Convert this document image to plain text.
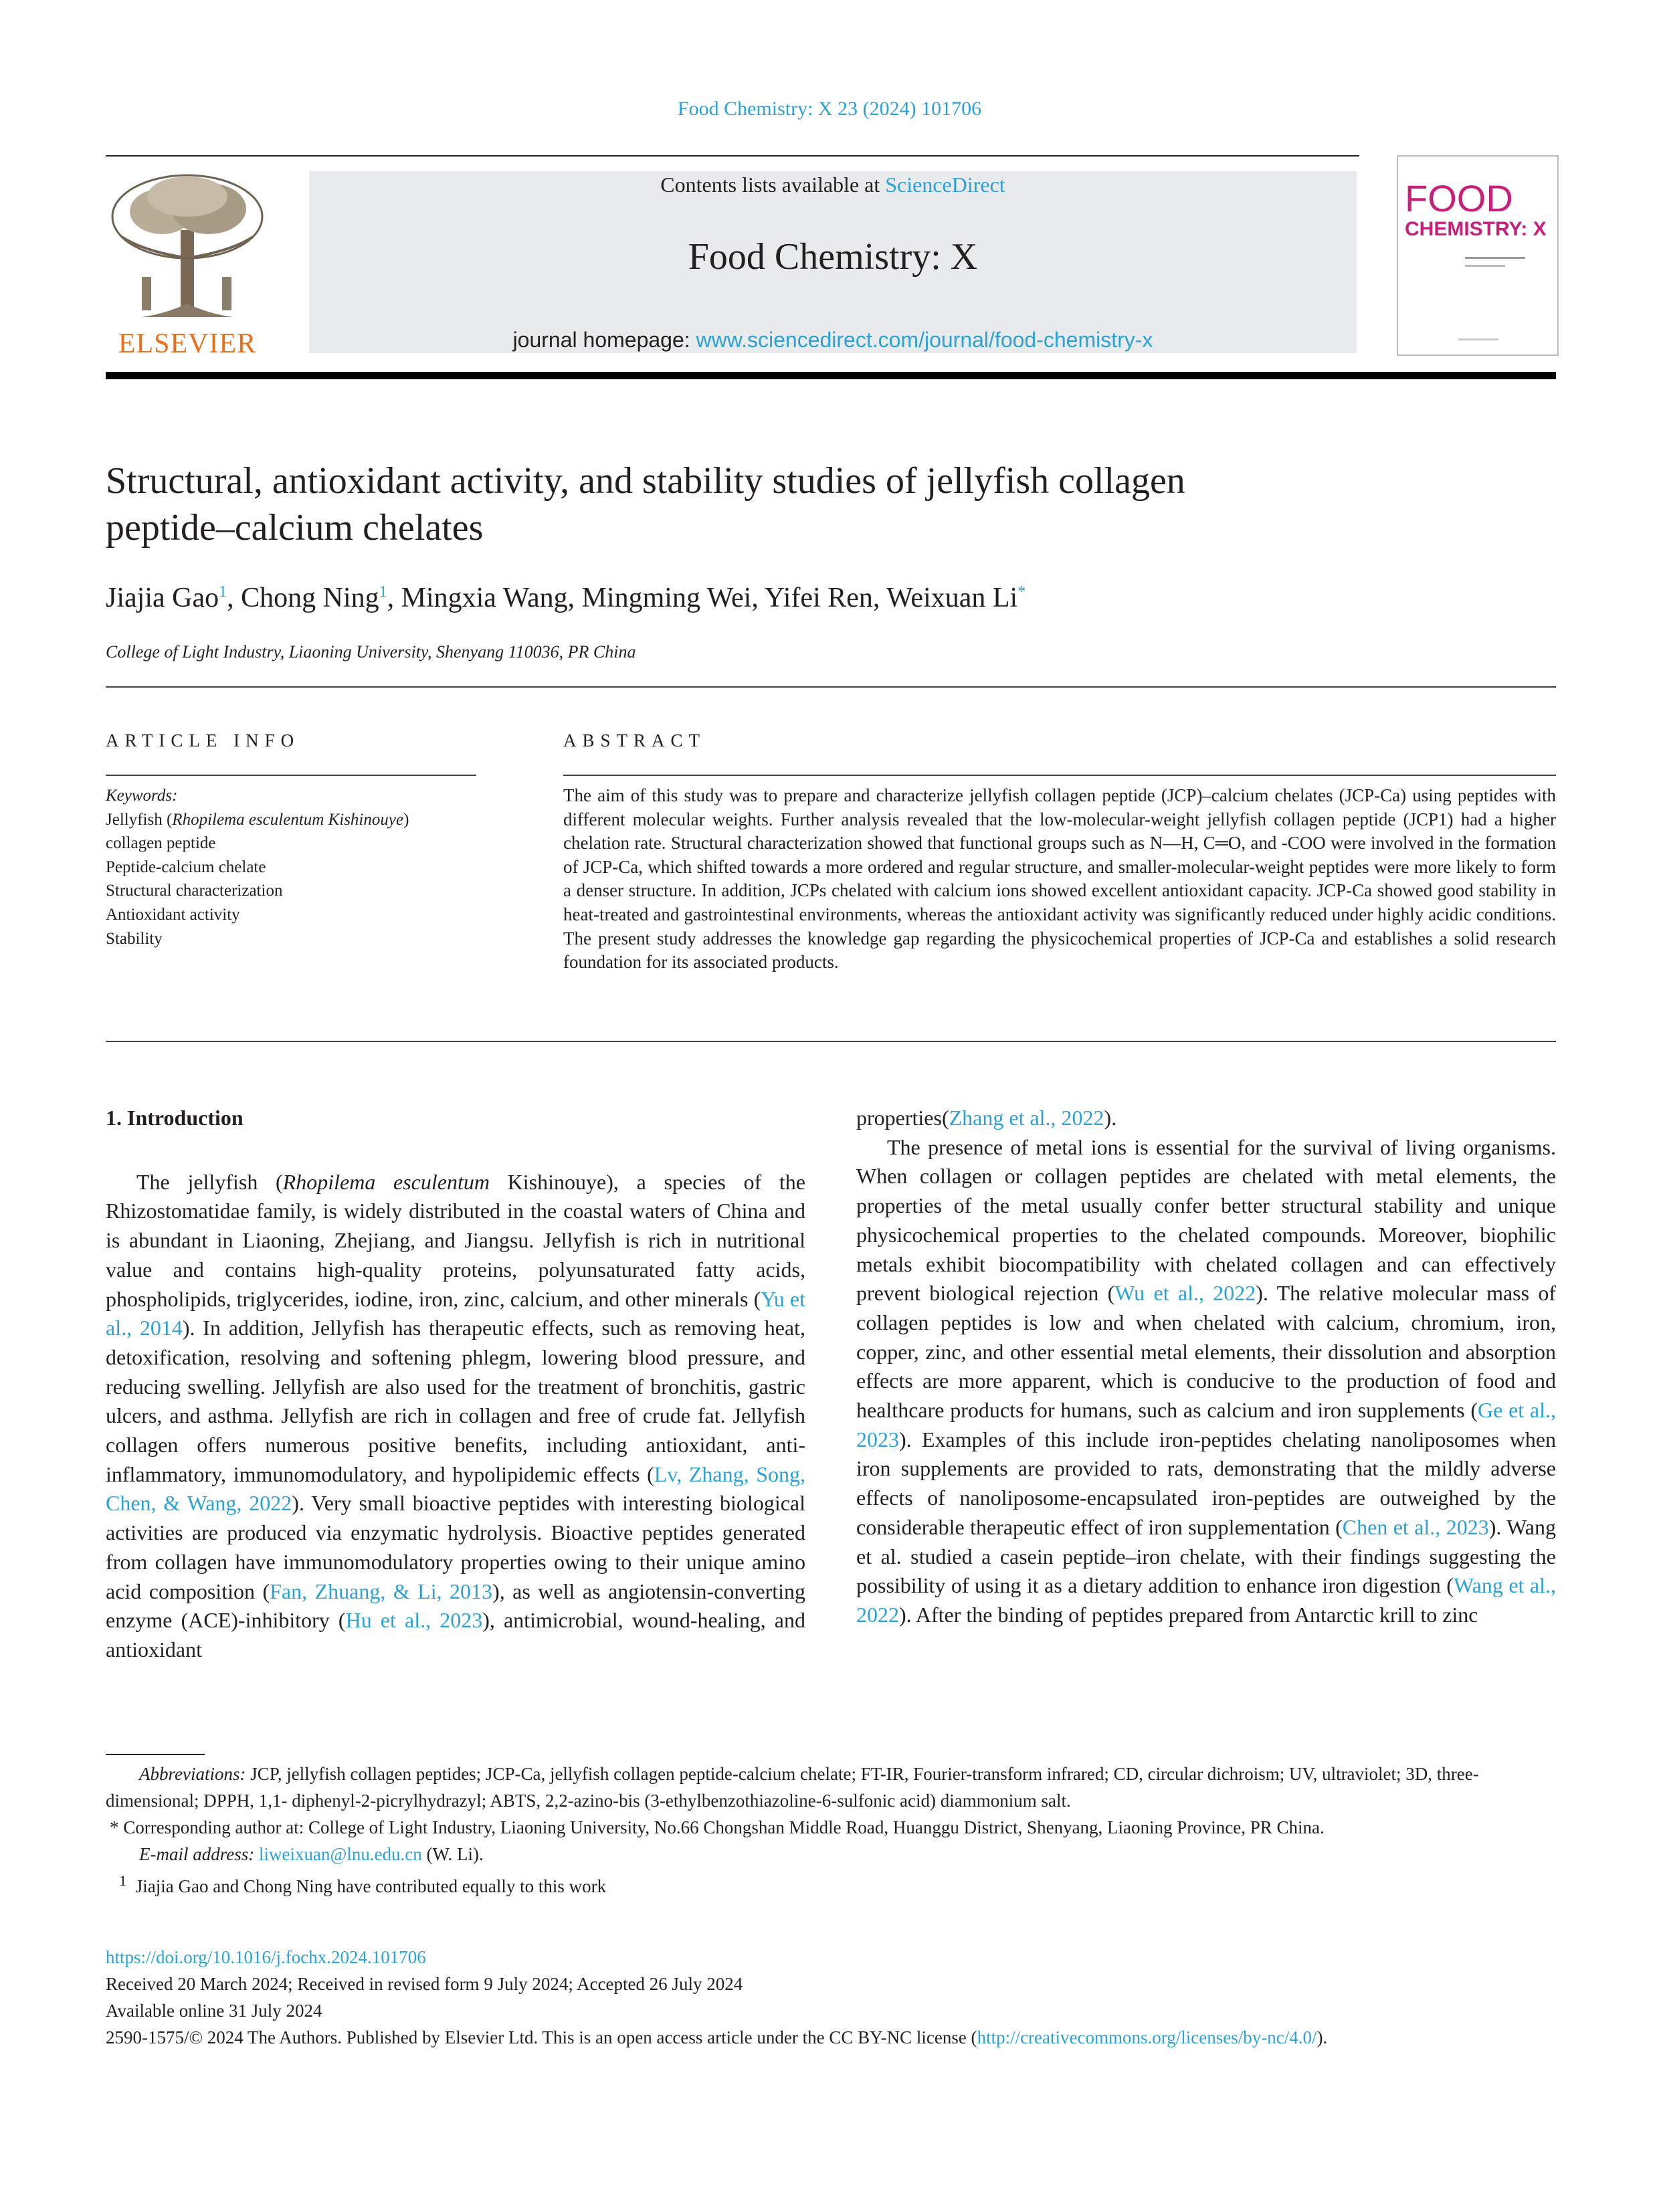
Food Chemistry: X 23 (2024) 101706
ELSEVIER
Contents lists available at ScienceDirect
Food Chemistry: X
journal homepage: www.sciencedirect.com/journal/food-chemistry-x
FOOD
CHEMISTRY: X
Structural, antioxidant activity, and stability studies of jellyfish collagen
peptide–calcium chelates
Jiajia Gao$^1$, Chong Ning$^1$, Mingxia Wang, Mingming Wei, Yifei Ren, Weixuan Li*
College of Light Industry, Liaoning University, Shenyang 110036, PR China
ARTICLE INFO	ABSTRACT
Keywords:
Jellyfish (Rhopilema esculentum Kishinouye)
collagen peptide
Peptide-calcium chelate
Structural characterization
Antioxidant activity
Stability
The aim of this study was to prepare and characterize jellyfish collagen peptide (JCP)–calcium chelates (JCP-Ca) using peptides with different molecular weights. Further analysis revealed that the low-molecular-weight jellyfish collagen peptide (JCP1) had a higher chelation rate. Structural characterization showed that functional groups such as N—H, C═O, and -COO were involved in the formation of JCP-Ca, which shifted towards a more ordered and regular structure, and smaller-molecular-weight peptides were more likely to form a denser structure. In addition, JCPs chelated with calcium ions showed excellent antioxidant capacity. JCP-Ca showed good stability in heat-treated and gastrointestinal environments, whereas the antioxidant activity was significantly reduced under highly acidic conditions. The present study addresses the knowledge gap regarding the physicochemical properties of JCP-Ca and establishes a solid research foundation for its associated products.
1. Introduction

The jellyfish (Rhopilema esculentum Kishinouye), a species of the Rhizostomatidae family, is widely distributed in the coastal waters of China and is abundant in Liaoning, Zhejiang, and Jiangsu. Jellyfish is rich in nutritional value and contains high-quality proteins, polyunsaturated fatty acids, phospholipids, triglycerides, iodine, iron, zinc, calcium, and other minerals (Yu et al., 2014). In addition, Jellyfish has therapeutic effects, such as removing heat, detoxification, resolving and softening phlegm, lowering blood pressure, and reducing swelling. Jellyfish are also used for the treatment of bronchitis, gastric ulcers, and asthma. Jellyfish are rich in collagen and free of crude fat. Jellyfish collagen offers numerous positive benefits, including antioxidant, anti-inflammatory, immunomodulatory, and hypolipidemic effects (Lv, Zhang, Song, Chen, & Wang, 2022). Very small bioactive peptides with interesting biological activities are produced via enzymatic hydrolysis. Bioactive peptides generated from collagen have immunomodulatory properties owing to their unique amino acid composition (Fan, Zhuang, & Li, 2013), as well as angiotensin-converting enzyme (ACE)-inhibitory (Hu et al., 2023), antimicrobial, wound-healing, and antioxidant

properties(Zhang et al., 2022).

The presence of metal ions is essential for the survival of living organisms. When collagen or collagen peptides are chelated with metal elements, the properties of the metal usually confer better structural stability and unique physicochemical properties to the chelated compounds. Moreover, biophilic metals exhibit biocompatibility with chelated collagen and can effectively prevent biological rejection (Wu et al., 2022). The relative molecular mass of collagen peptides is low and when chelated with calcium, chromium, iron, copper, zinc, and other essential metal elements, their dissolution and absorption effects are more apparent, which is conducive to the production of food and healthcare products for humans, such as calcium and iron supplements (Ge et al., 2023). Examples of this include iron-peptides chelating nanoliposomes when iron supplements are provided to rats, demonstrating that the mildly adverse effects of nanoliposome-encapsulated iron-peptides are outweighed by the considerable therapeutic effect of iron supplementation (Chen et al., 2023). Wang et al. studied a casein peptide–iron chelate, with their findings suggesting the possibility of using it as a dietary addition to enhance iron digestion (Wang et al., 2022). After the binding of peptides prepared from Antarctic krill to zinc

Abbreviations: JCP, jellyfish collagen peptides; JCP-Ca, jellyfish collagen peptide-calcium chelate; FT-IR, Fourier-transform infrared; CD, circular dichroism; UV, ultraviolet; 3D, three-dimensional; DPPH, 1,1- diphenyl-2-picrylhydrazyl; ABTS, 2,2-azino-bis (3-ethylbenzothiazoline-6-sulfonic acid) diammonium salt.

* Corresponding author at: College of Light Industry, Liaoning University, No.66 Chongshan Middle Road, Huanggu District, Shenyang, Liaoning Province, PR China.

E-mail address: liweixuan@lnu.edu.cn (W. Li).

$^1$ Jiajia Gao and Chong Ning have contributed equally to this work

https://doi.org/10.1016/j.fochx.2024.101706

Received 20 March 2024; Received in revised form 9 July 2024; Accepted 26 July 2024

Available online 31 July 2024

2590-1575/© 2024 The Authors. Published by Elsevier Ltd. This is an open access article under the CC BY-NC license (http://creativecommons.org/licenses/by-nc/4.0/).
